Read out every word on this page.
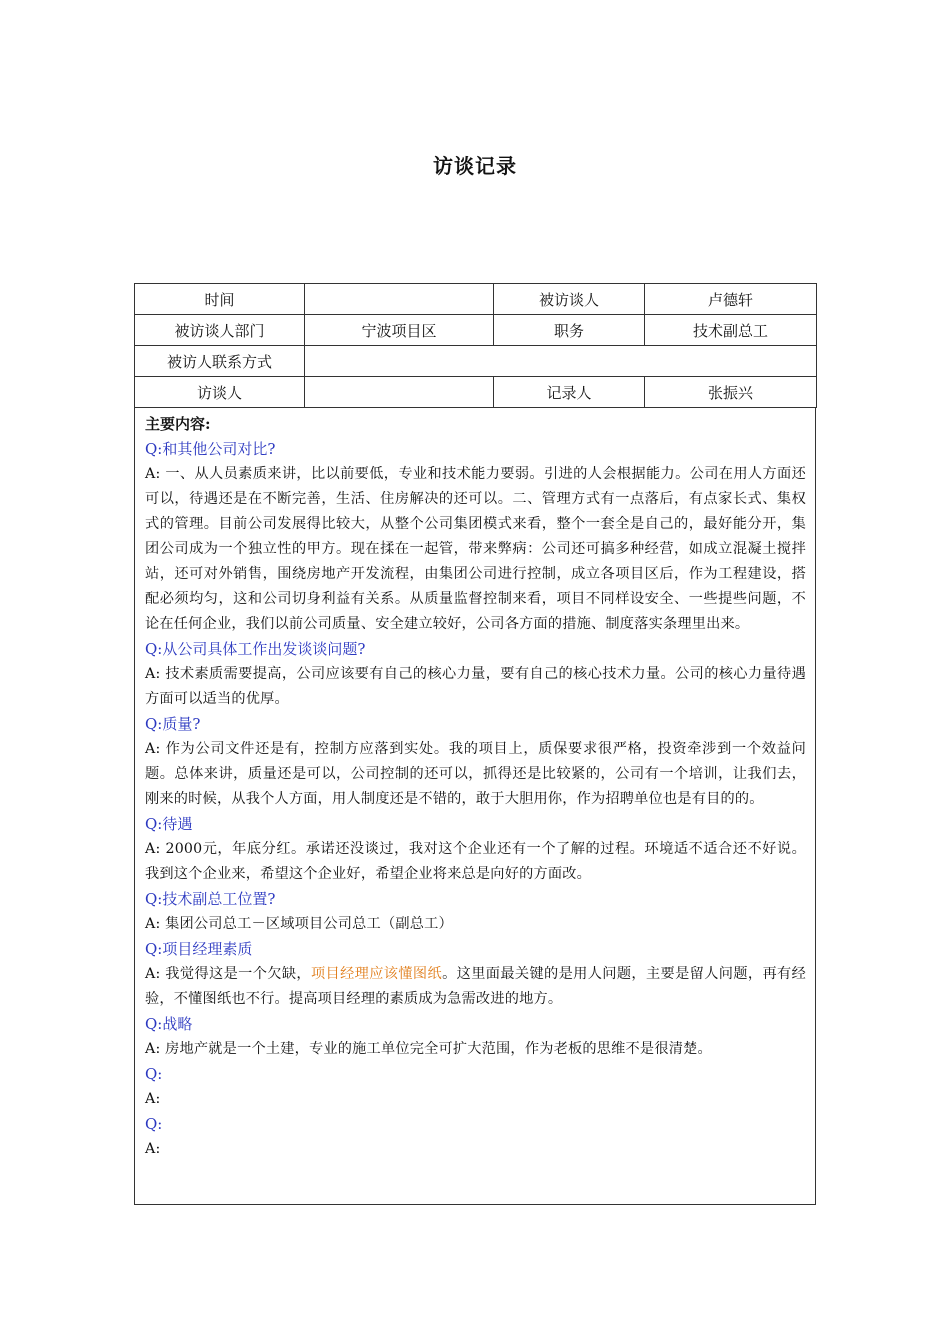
访谈记录
时间		被访谈人	卢德轩
被访谈人部门	宁波项目区	职务	技术副总工
被访人联系方式			
访谈人		记录人	张振兴
主要内容:
Q:和其他公司对比?
A: 一、从人员素质来讲，比以前要低，专业和技术能力要弱。引进的人会根据能力。公司在用人方面还可以，待遇还是在不断完善，生活、住房解决的还可以。二、管理方式有一点落后，有点家长式、集权式的管理。目前公司发展得比较大，从整个公司集团模式来看，整个一套全是自己的，最好能分开，集团公司成为一个独立性的甲方。现在揉在一起管，带来弊病：公司还可搞多种经营，如成立混凝土搅拌站，还可对外销售，围绕房地产开发流程，由集团公司进行控制，成立各项目区后，作为工程建设，搭配必须均匀，这和公司切身利益有关系。从质量监督控制来看，项目不同样设安全、一些提些问题，不论在任何企业，我们以前公司质量、安全建立较好，公司各方面的措施、制度落实条理里出来。
Q:从公司具体工作出发谈谈问题?
A: 技术素质需要提高，公司应该要有自己的核心力量，要有自己的核心技术力量。公司的核心力量待遇方面可以适当的优厚。
Q:质量?
A: 作为公司文件还是有，控制方应落到实处。我的项目上，质保要求很严格，投资牵涉到一个效益问题。总体来讲，质量还是可以，公司控制的还可以，抓得还是比较紧的，公司有一个培训，让我们去，刚来的时候，从我个人方面，用人制度还是不错的，敢于大胆用你，作为招聘单位也是有目的的。
Q:待遇
A: 2000元，年底分红。承诺还没谈过，我对这个企业还有一个了解的过程。环境适不适合还不好说。我到这个企业来，希望这个企业好，希望企业将来总是向好的方面改。
Q:技术副总工位置?
A: 集团公司总工－区域项目公司总工（副总工）
Q:项目经理素质
A: 我觉得这是一个欠缺，项目经理应该懂图纸。这里面最关键的是用人问题，主要是留人问题，再有经验，不懂图纸也不行。提高项目经理的素质成为急需改进的地方。
Q:战略
A: 房地产就是一个土建，专业的施工单位完全可扩大范围，作为老板的思维不是很清楚。
Q:
A:
Q:
A:
